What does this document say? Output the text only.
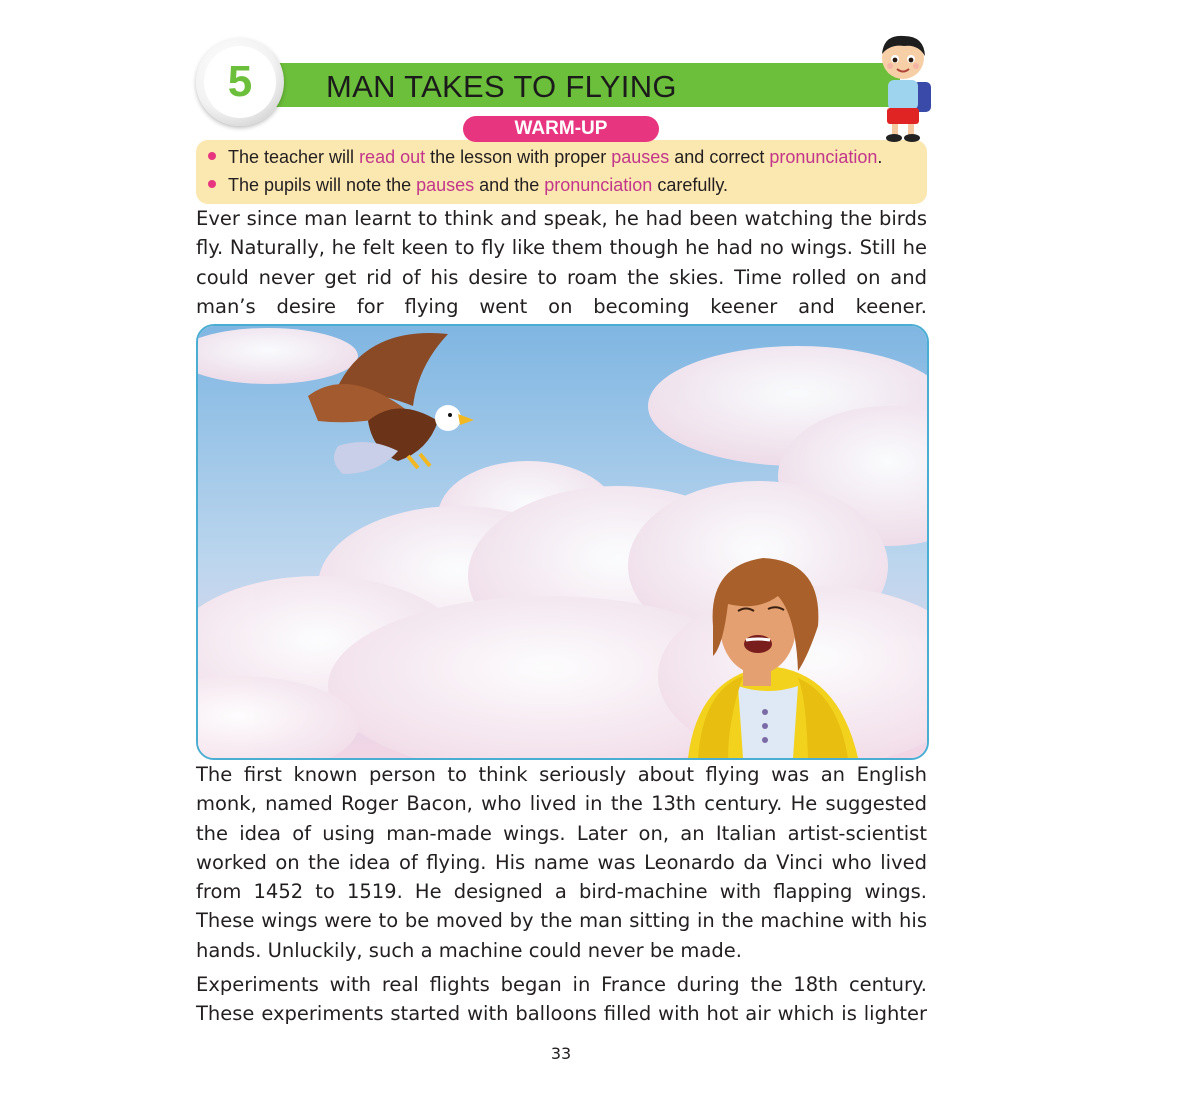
5	MAN TAKES TO FLYING
WARM-UP
The teacher will read out the lesson with proper pauses and correct pronunciation.
The pupils will note the pauses and the pronunciation carefully.

Ever since man learnt to think and speak, he had been watching the birds fly. Naturally, he felt keen to fly like them though he had no wings. Still he could never get rid of his desire to roam the skies. Time rolled on and man’s desire for flying went on becoming keener and keener.

The first known person to think seriously about flying was an English monk, named Roger Bacon, who lived in the 13th century. He suggested the idea of using man-made wings. Later on, an Italian artist-scientist worked on the idea of flying. His name was Leonardo da Vinci who lived from 1452 to 1519. He designed a bird-machine with flapping wings. These wings were to be moved by the man sitting in the machine with his hands. Unluckily, such a machine could never be made.

Experiments with real flights began in France during the 18th century. These experiments started with balloons filled with hot air which is lighter

33
